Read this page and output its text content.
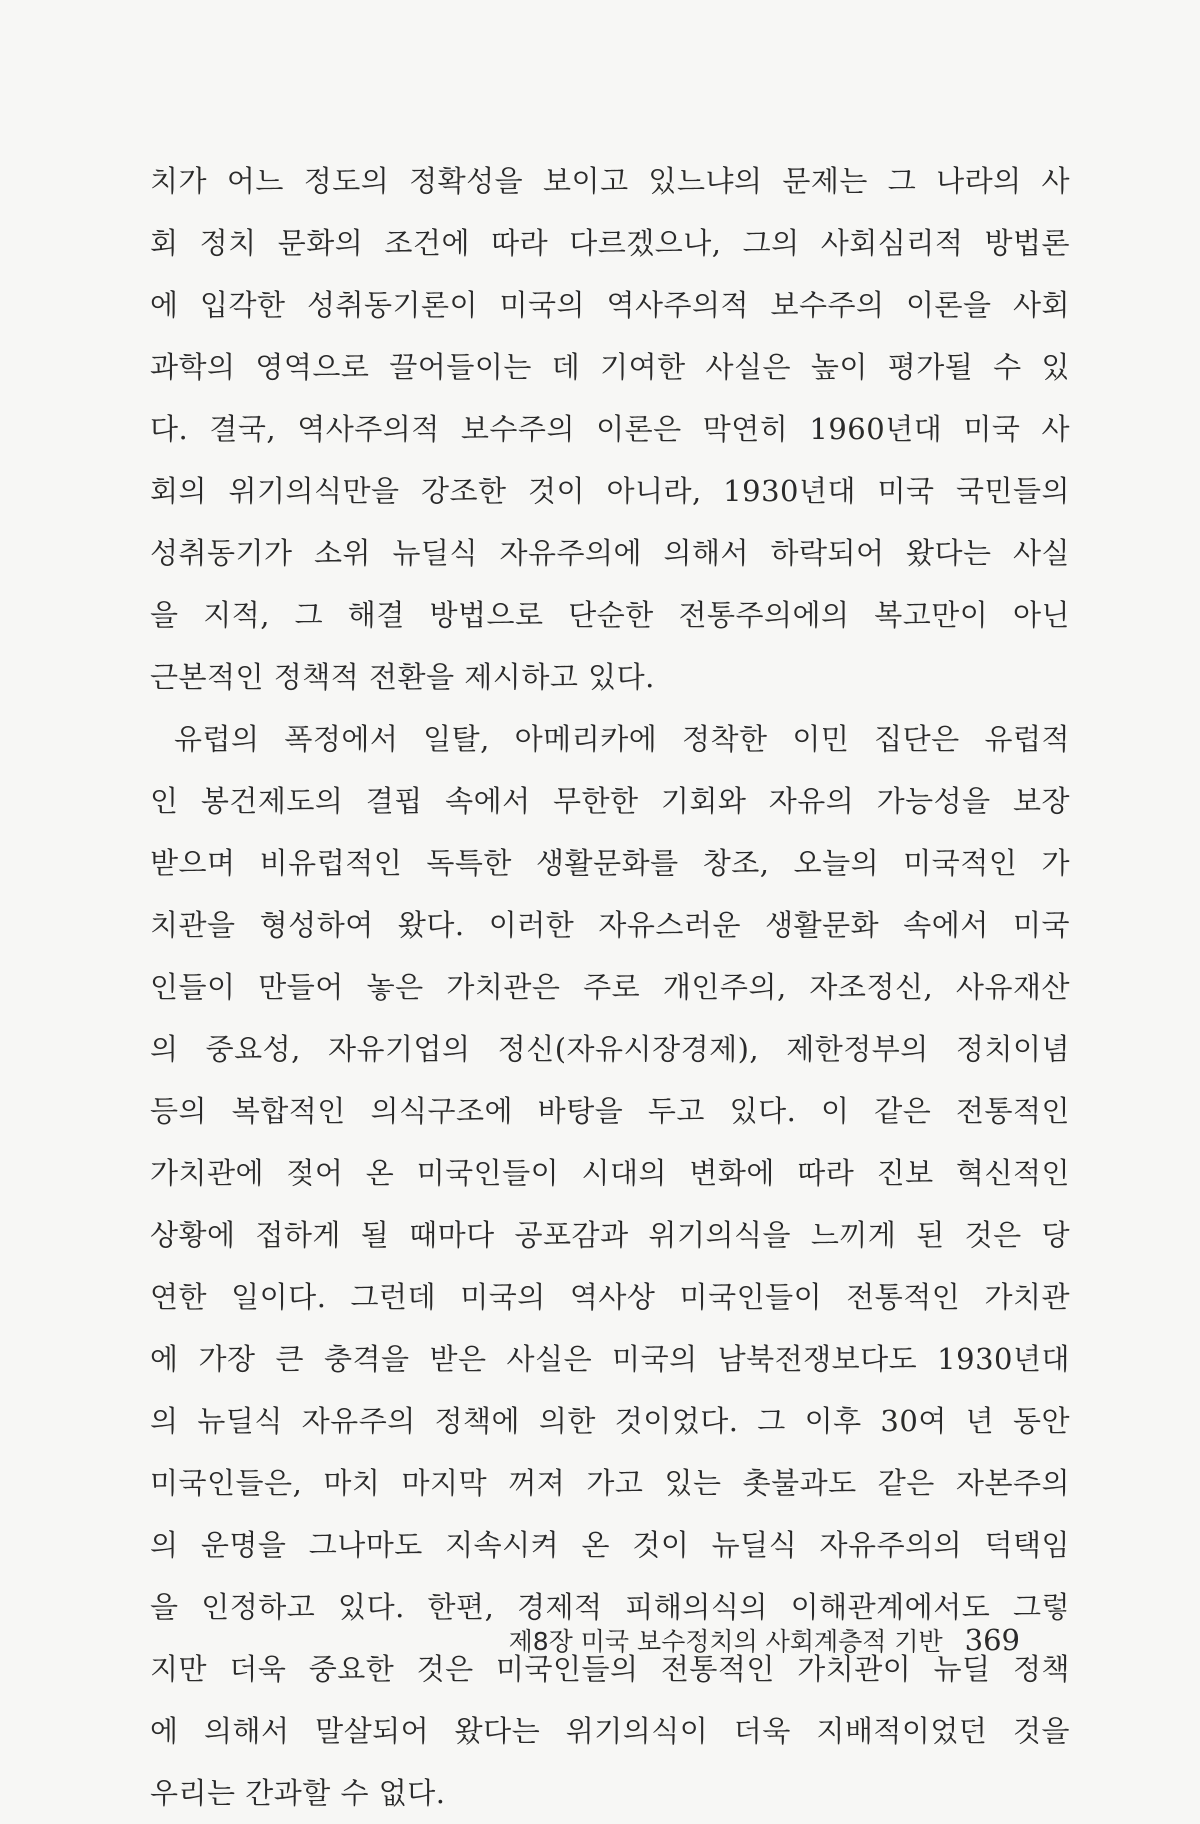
치가 어느 정도의 정확성을 보이고 있느냐의 문제는 그 나라의 사
회 정치 문화의 조건에 따라 다르겠으나, 그의 사회심리적 방법론
에 입각한 성취동기론이 미국의 역사주의적 보수주의 이론을 사회
과학의 영역으로 끌어들이는 데 기여한 사실은 높이 평가될 수 있
다. 결국, 역사주의적 보수주의 이론은 막연히 1960년대 미국 사
회의 위기의식만을 강조한 것이 아니라, 1930년대 미국 국민들의
성취동기가 소위 뉴딜식 자유주의에 의해서 하락되어 왔다는 사실
을 지적, 그 해결 방법으로 단순한 전통주의에의 복고만이 아닌
근본적인 정책적 전환을 제시하고 있다.
유럽의 폭정에서 일탈, 아메리카에 정착한 이민 집단은 유럽적
인 봉건제도의 결핍 속에서 무한한 기회와 자유의 가능성을 보장
받으며 비유럽적인 독특한 생활문화를 창조, 오늘의 미국적인 가
치관을 형성하여 왔다. 이러한 자유스러운 생활문화 속에서 미국
인들이 만들어 놓은 가치관은 주로 개인주의, 자조정신, 사유재산
의 중요성, 자유기업의 정신(자유시장경제), 제한정부의 정치이념
등의 복합적인 의식구조에 바탕을 두고 있다. 이 같은 전통적인
가치관에 젖어 온 미국인들이 시대의 변화에 따라 진보 혁신적인
상황에 접하게 될 때마다 공포감과 위기의식을 느끼게 된 것은 당
연한 일이다. 그런데 미국의 역사상 미국인들이 전통적인 가치관
에 가장 큰 충격을 받은 사실은 미국의 남북전쟁보다도 1930년대
의 뉴딜식 자유주의 정책에 의한 것이었다. 그 이후 30여 년 동안
미국인들은, 마치 마지막 꺼져 가고 있는 촛불과도 같은 자본주의
의 운명을 그나마도 지속시켜 온 것이 뉴딜식 자유주의의 덕택임
을 인정하고 있다. 한편, 경제적 피해의식의 이해관계에서도 그렇
지만 더욱 중요한 것은 미국인들의 전통적인 가치관이 뉴딜 정책
에 의해서 말살되어 왔다는 위기의식이 더욱 지배적이었던 것을
우리는 간과할 수 없다.
제8장 미국 보수정치의 사회계층적 기반 369
